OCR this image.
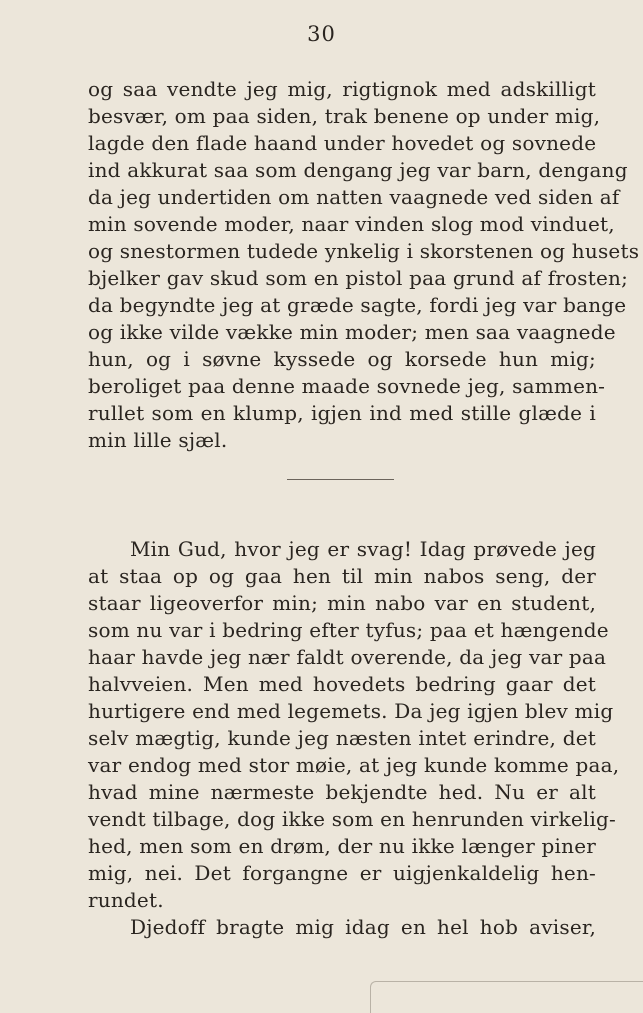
30
og saa vendte jeg mig, rigtignok med adskilligt
besvær, om paa siden, trak benene op under mig,
lagde den flade haand under hovedet og sovnede
ind akkurat saa som dengang jeg var barn, dengang
da jeg undertiden om natten vaagnede ved siden af
min sovende moder, naar vinden slog mod vinduet,
og snestormen tudede ynkelig i skorstenen og husets
bjelker gav skud som en pistol paa grund af frosten;
da begyndte jeg at græde sagte, fordi jeg var bange
og ikke vilde vække min moder; men saa vaagnede
hun, og i søvne kyssede og korsede hun mig;
beroliget paa denne maade sovnede jeg, sammen-
rullet som en klump, igjen ind med stille glæde i
min lille sjæl.
Min Gud, hvor jeg er svag! Idag prøvede jeg
at staa op og gaa hen til min nabos seng, der
staar ligeoverfor min; min nabo var en student,
som nu var i bedring efter tyfus; paa et hængende
haar havde jeg nær faldt overende, da jeg var paa
halvveien. Men med hovedets bedring gaar det
hurtigere end med legemets. Da jeg igjen blev mig
selv mægtig, kunde jeg næsten intet erindre, det
var endog med stor møie, at jeg kunde komme paa,
hvad mine nærmeste bekjendte hed. Nu er alt
vendt tilbage, dog ikke som en henrunden virkelig-
hed, men som en drøm, der nu ikke længer piner
mig, nei. Det forgangne er uigjenkaldelig hen-
rundet.
Djedoff bragte mig idag en hel hob aviser,
